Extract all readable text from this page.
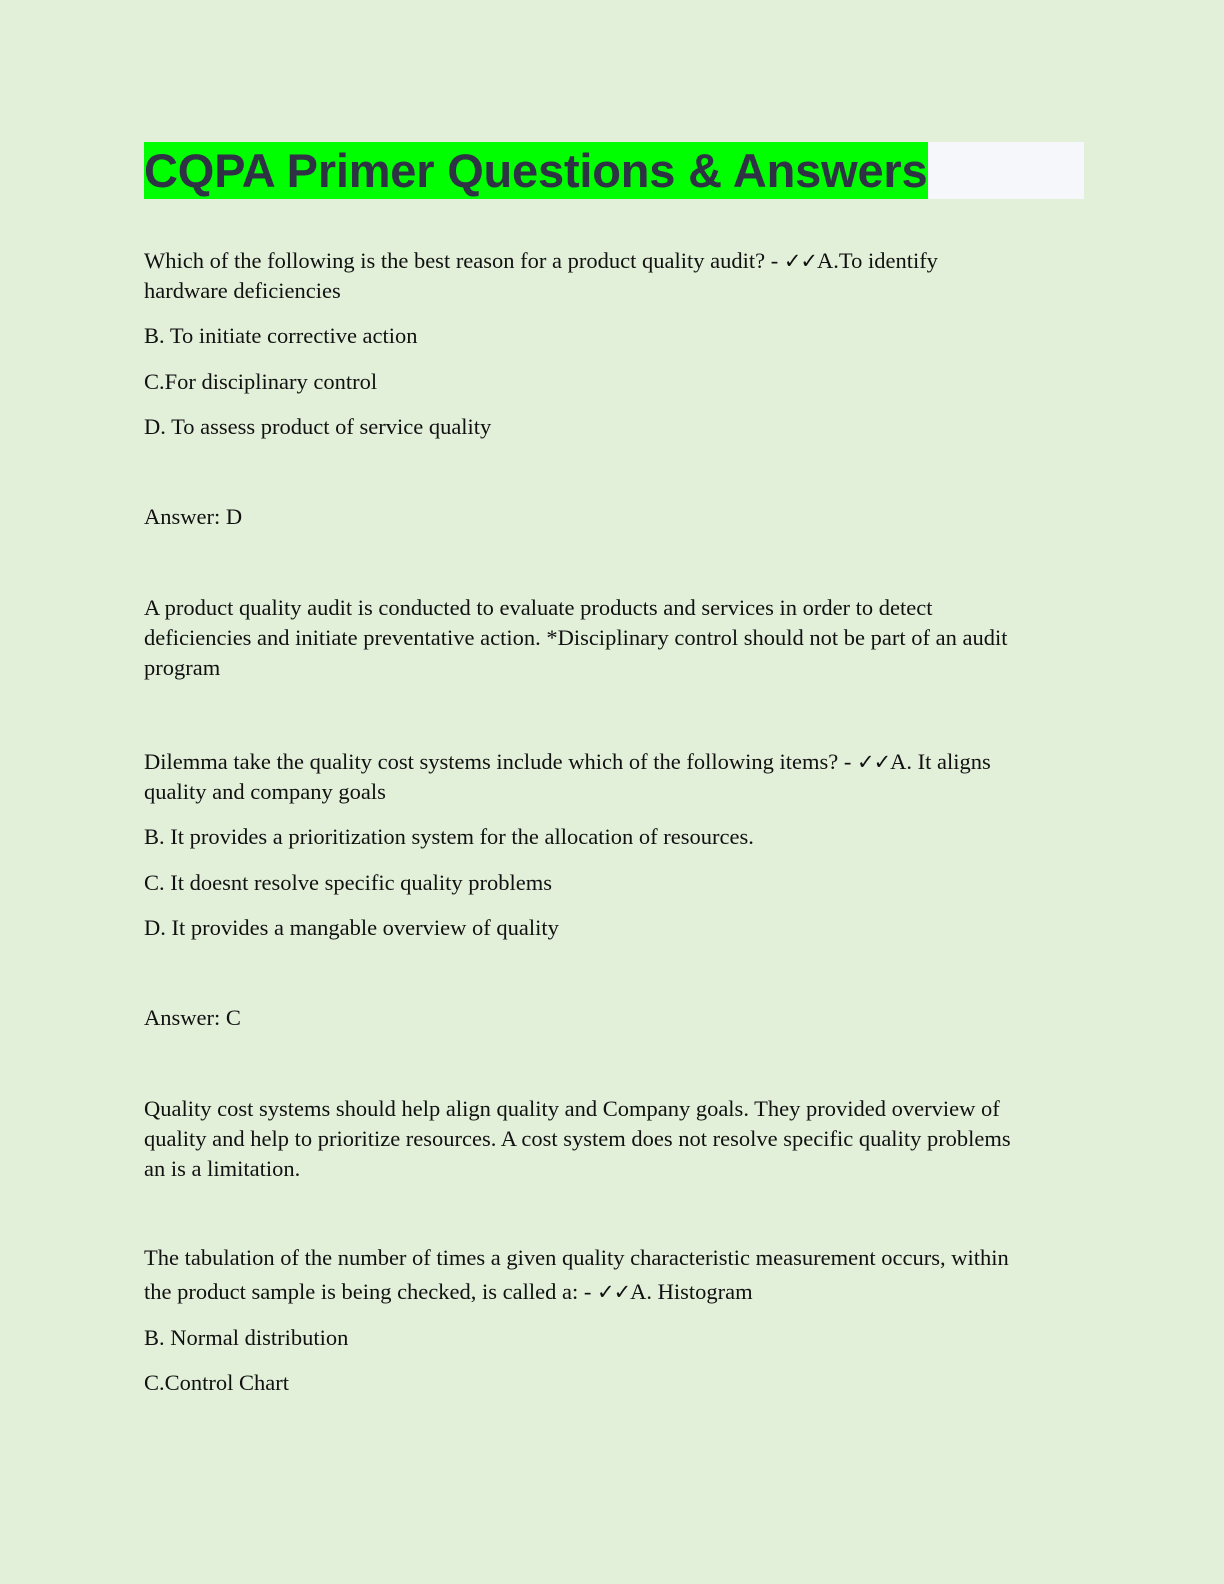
CQPA Primer Questions & Answers
Which of the following is the best reason for a product quality audit? - ✓✓A.To identify
hardware deficiencies
B. To initiate corrective action
C.For disciplinary control
D. To assess product of service quality
Answer: D
A product quality audit is conducted to evaluate products and services in order to detect
deficiencies and initiate preventative action. *Disciplinary control should not be part of an audit
program
Dilemma take the quality cost systems include which of the following items? - ✓✓A. It aligns
quality and company goals
B. It provides a prioritization system for the allocation of resources.
C. It doesnt resolve specific quality problems
D. It provides a mangable overview of quality
Answer: C
Quality cost systems should help align quality and Company goals. They provided overview of
quality and help to prioritize resources. A cost system does not resolve specific quality problems
an is a limitation.
The tabulation of the number of times a given quality characteristic measurement occurs, within
the product sample is being checked, is called a: - ✓✓A. Histogram
B. Normal distribution
C.Control Chart
